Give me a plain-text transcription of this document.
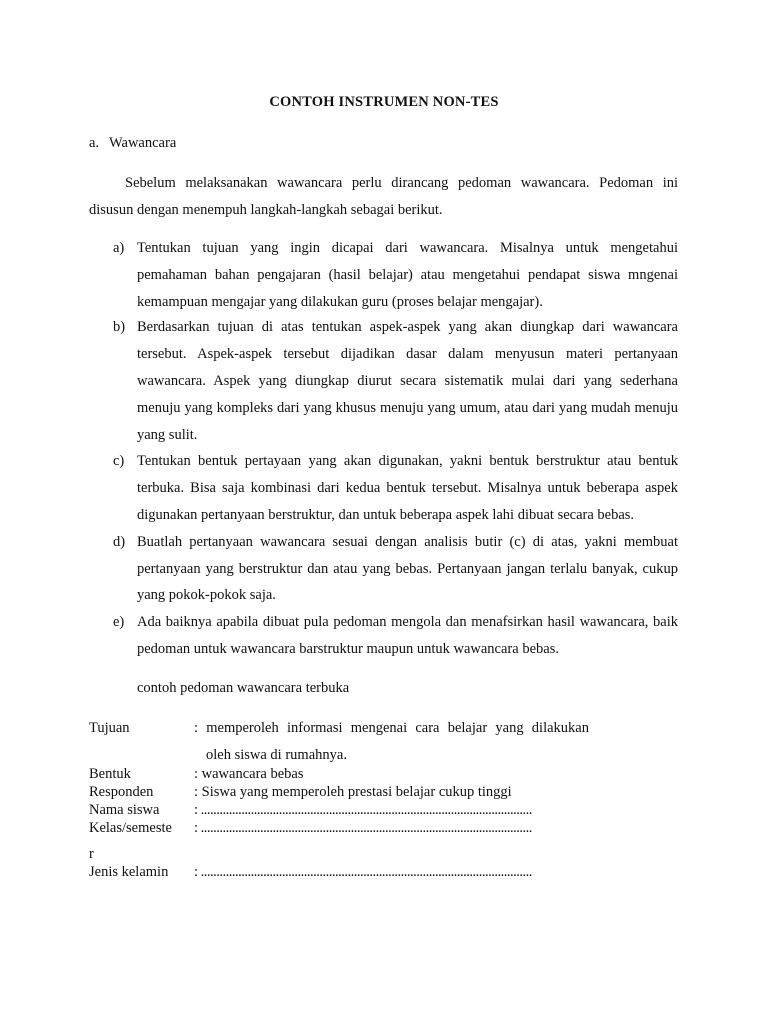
CONTOH INSTRUMEN NON-TES
a. Wawancara
Sebelum melaksanakan wawancara perlu dirancang pedoman wawancara. Pedoman ini disusun dengan menempuh langkah-langkah sebagai berikut.
a) Tentukan tujuan yang ingin dicapai dari wawancara. Misalnya untuk mengetahui pemahaman bahan pengajaran (hasil belajar) atau mengetahui pendapat siswa mngenai kemampuan mengajar yang dilakukan guru (proses belajar mengajar).
b) Berdasarkan tujuan di atas tentukan aspek-aspek yang akan diungkap dari wawancara tersebut. Aspek-aspek tersebut dijadikan dasar dalam menyusun materi pertanyaan wawancara. Aspek yang diungkap diurut secara sistematik mulai dari yang sederhana menuju yang kompleks dari yang khusus menuju yang umum, atau dari yang mudah menuju yang sulit.
c) Tentukan bentuk pertayaan yang akan digunakan, yakni bentuk berstruktur atau bentuk terbuka. Bisa saja kombinasi dari kedua bentuk tersebut. Misalnya untuk beberapa aspek digunakan pertanyaan berstruktur, dan untuk beberapa aspek lahi dibuat secara bebas.
d) Buatlah pertanyaan wawancara sesuai dengan analisis butir (c) di atas, yakni membuat pertanyaan yang berstruktur dan atau yang bebas. Pertanyaan jangan terlalu banyak, cukup yang pokok-pokok saja.
e) Ada baiknya apabila dibuat pula pedoman mengola dan menafsirkan hasil wawancara, baik pedoman untuk wawancara barstruktur maupun untuk wawancara bebas.
contoh pedoman wawancara terbuka
Tujuan	: memperoleh informasi mengenai cara belajar yang dilakukan
oleh siswa di rumahnya.
Bentuk	: wawancara bebas
Responden	: Siswa yang memperoleh prestasi belajar cukup tinggi
Nama siswa : ..........................................................................................................
Kelas/semeste : ..........................................................................................................
r
Jenis kelamin : ..........................................................................................................
